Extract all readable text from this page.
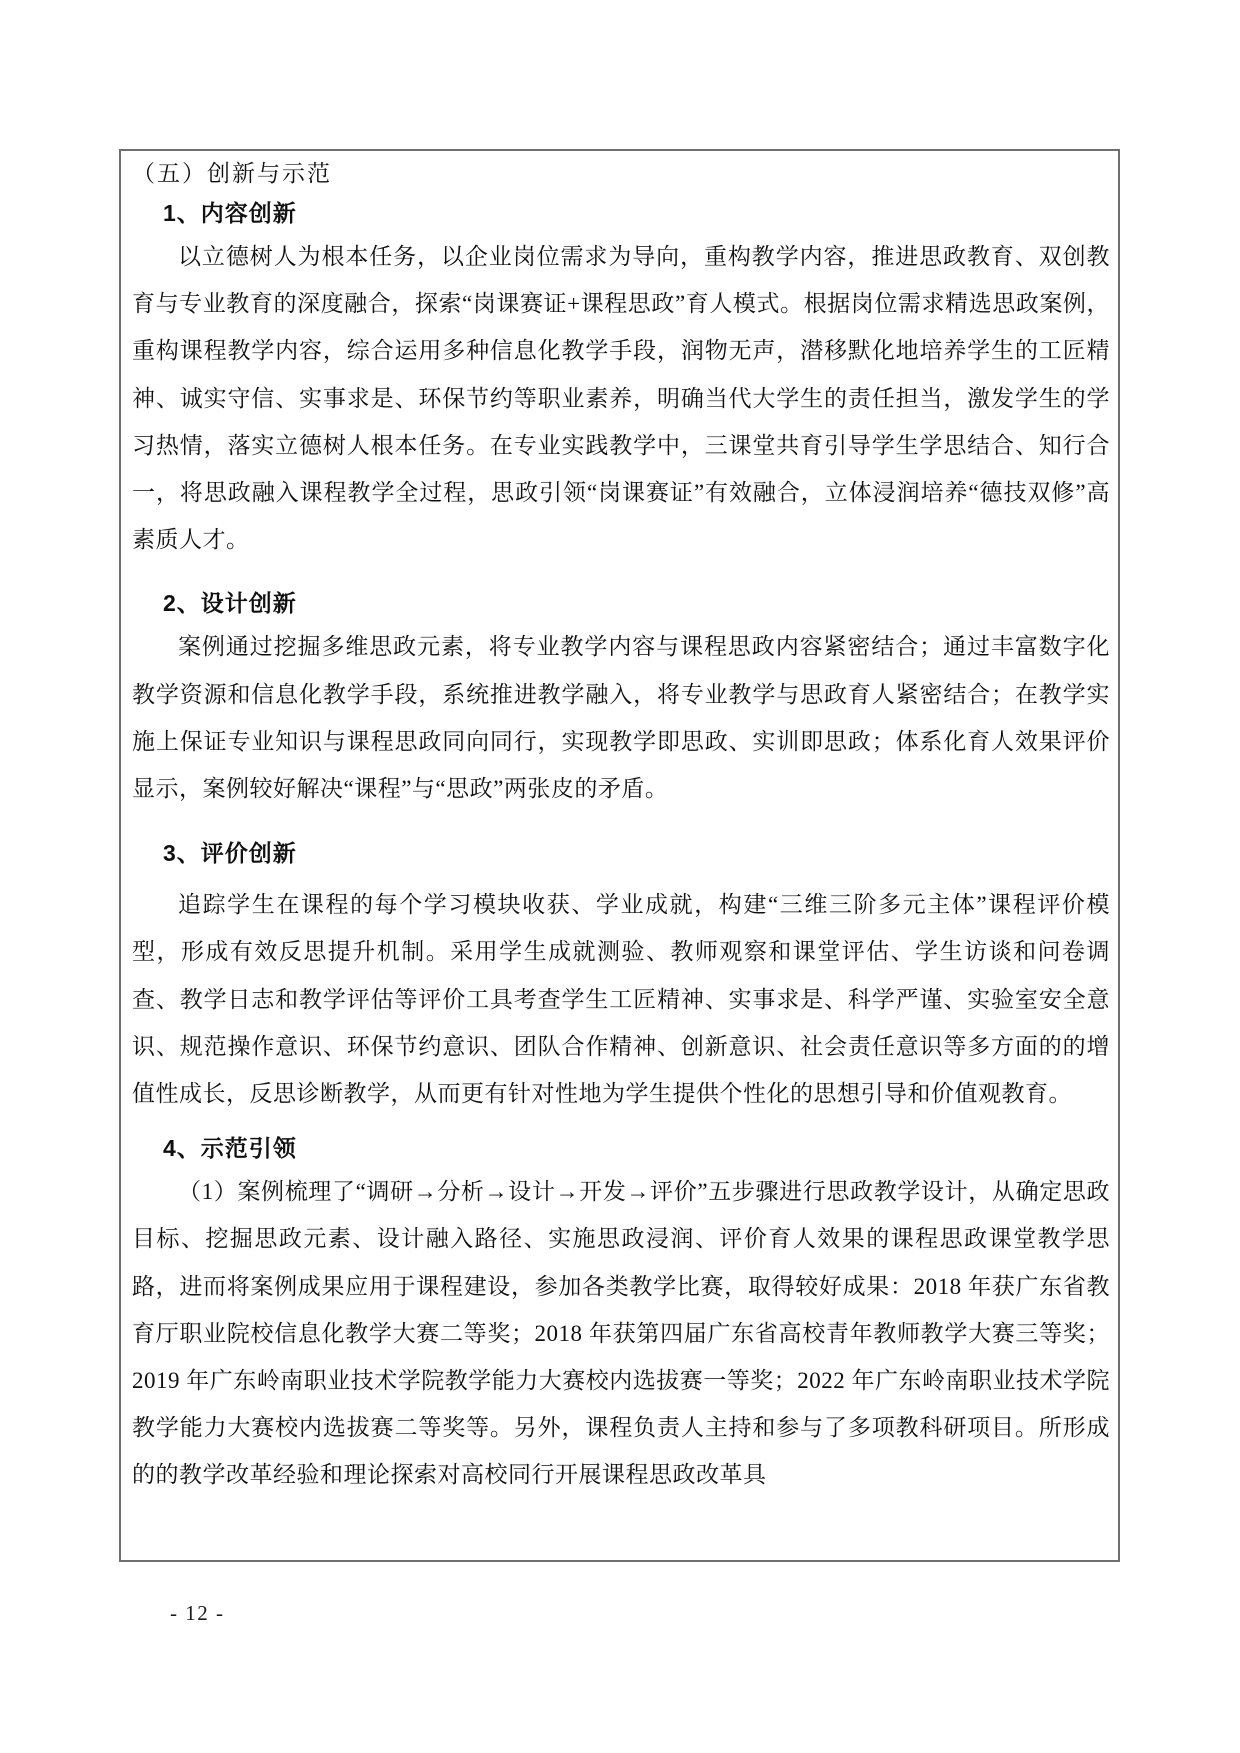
（五）创新与示范

1、内容创新

以立德树人为根本任务，以企业岗位需求为导向，重构教学内容，推进思政教育、双创教育与专业教育的深度融合，探索“岗课赛证+课程思政”育人模式。根据岗位需求精选思政案例，重构课程教学内容，综合运用多种信息化教学手段，润物无声，潜移默化地培养学生的工匠精神、诚实守信、实事求是、环保节约等职业素养，明确当代大学生的责任担当，激发学生的学习热情，落实立德树人根本任务。在专业实践教学中，三课堂共育引导学生学思结合、知行合一，将思政融入课程教学全过程，思政引领“岗课赛证”有效融合，立体浸润培养“德技双修”高素质人才。

2、设计创新

案例通过挖掘多维思政元素，将专业教学内容与课程思政内容紧密结合；通过丰富数字化教学资源和信息化教学手段，系统推进教学融入，将专业教学与思政育人紧密结合；在教学实施上保证专业知识与课程思政同向同行，实现教学即思政、实训即思政；体系化育人效果评价显示，案例较好解决“课程”与“思政”两张皮的矛盾。

3、评价创新

追踪学生在课程的每个学习模块收获、学业成就，构建“三维三阶多元主体”课程评价模型，形成有效反思提升机制。采用学生成就测验、教师观察和课堂评估、学生访谈和问卷调查、教学日志和教学评估等评价工具考查学生工匠精神、实事求是、科学严谨、实验室安全意识、规范操作意识、环保节约意识、团队合作精神、创新意识、社会责任意识等多方面的的增值性成长，反思诊断教学，从而更有针对性地为学生提供个性化的思想引导和价值观教育。

4、示范引领

（1）案例梳理了“调研→分析→设计→开发→评价”五步骤进行思政教学设计，从确定思政目标、挖掘思政元素、设计融入路径、实施思政浸润、评价育人效果的课程思政课堂教学思路，进而将案例成果应用于课程建设，参加各类教学比赛，取得较好成果：2018 年获广东省教育厅职业院校信息化教学大赛二等奖；2018 年获第四届广东省高校青年教师教学大赛三等奖；2019 年广东岭南职业技术学院教学能力大赛校内选拔赛一等奖；2022 年广东岭南职业技术学院教学能力大赛校内选拔赛二等奖等。另外，课程负责人主持和参与了多项教科研项目。所形成的的教学改革经验和理论探索对高校同行开展课程思政改革具

- 12 -
